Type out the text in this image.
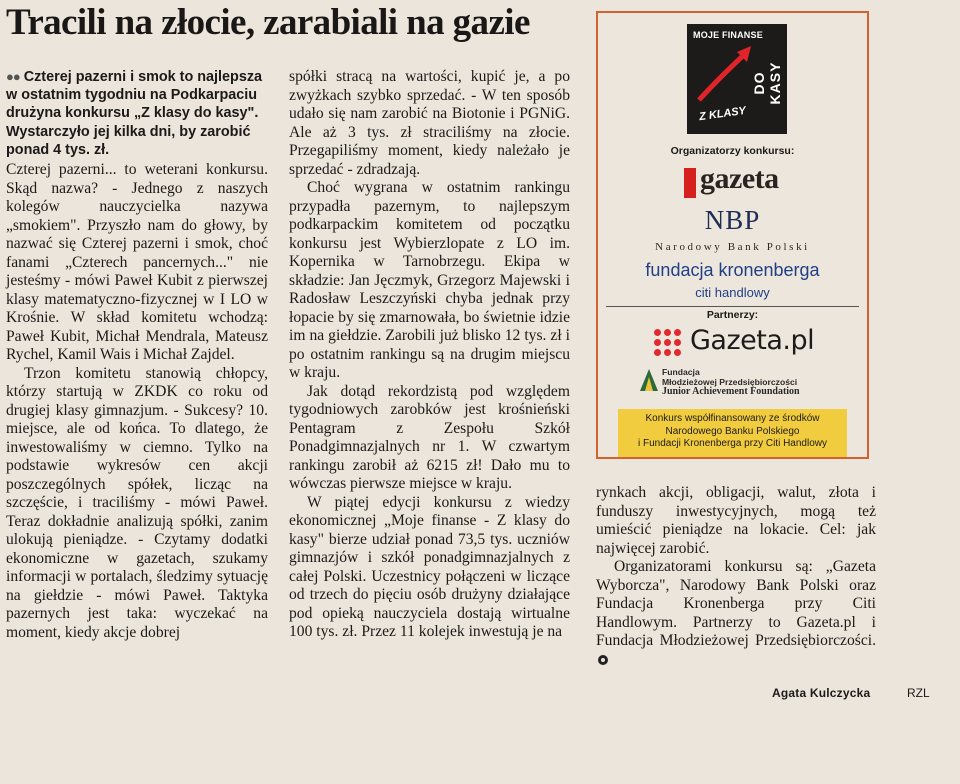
Tracili na złocie, zarabiali na gazie

●● Czterej pazerni i smok to najlepsza w ostatnim tygodniu na Podkarpaciu drużyna konkursu „Z klasy do kasy". Wystarczyło jej kilka dni, by zarobić ponad 4 tys. zł.

Czterej pazerni... to weterani konkursu. Skąd nazwa? - Jednego z naszych kolegów nauczycielka nazywa „smokiem". Przyszło nam do głowy, by nazwać się Czterej pazerni i smok, choć fanami „Czterech pancernych..." nie jesteśmy - mówi Paweł Kubit z pierwszej klasy matematyczno-fizycznej w I LO w Krośnie. W skład komitetu wchodzą: Paweł Kubit, Michał Mendrala, Mateusz Rychel, Kamil Wais i Michał Zajdel.

Trzon komitetu stanowią chłopcy, którzy startują w ZKDK co roku od drugiej klasy gimnazjum. - Sukcesy? 10. miejsce, ale od końca. To dlatego, że inwestowaliśmy w ciemno. Tylko na podstawie wykresów cen akcji poszczególnych spółek, licząc na szczęście, i traciliśmy - mówi Paweł. Teraz dokładnie analizują spółki, zanim ulokują pieniądze. - Czytamy dodatki ekonomiczne w gazetach, szukamy informacji w portalach, śledzimy sytuację na giełdzie - mówi Paweł. Taktyka pazernych jest taka: wyczekać na moment, kiedy akcje dobrej

spółki stracą na wartości, kupić je, a po zwyżkach szybko sprzedać. - W ten sposób udało się nam zarobić na Biotonie i PGNiG. Ale aż 3 tys. zł straciliśmy na złocie. Przegapiliśmy moment, kiedy należało je sprzedać - zdradzają.

Choć wygrana w ostatnim rankingu przypadła pazernym, to najlepszym podkarpackim komitetem od początku konkursu jest Wybierzlopate z LO im. Kopernika w Tarnobrzegu. Ekipa w składzie: Jan Jęczmyk, Grzegorz Majewski i Radosław Leszczyński chyba jednak przy łopacie by się zmarnowała, bo świetnie idzie im na giełdzie. Zarobili już blisko 12 tys. zł i po ostatnim rankingu są na drugim miejscu w kraju.

Jak dotąd rekordzistą pod względem tygodniowych zarobków jest krośnieński Pentagram z Zespołu Szkół Ponadgimnazjalnych nr 1. W czwartym rankingu zarobił aż 6215 zł! Dało mu to wówczas pierwsze miejsce w kraju.

W piątej edycji konkursu z wiedzy ekonomicznej „Moje finanse - Z klasy do kasy" bierze udział ponad 73,5 tys. uczniów gimnazjów i szkół ponadgimnazjalnych z całej Polski. Uczestnicy połączeni w liczące od trzech do pięciu osób drużyny działające pod opieką nauczyciela dostają wirtualne 100 tys. zł. Przez 11 kolejek inwestują je na

rynkach akcji, obligacji, walut, złota i funduszy inwestycyjnych, mogą też umieścić pieniądze na lokacie. Cel: jak najwięcej zarobić.

Organizatorami konkursu są: „Gazeta Wyborcza", Narodowy Bank Polski oraz Fundacja Kronenberga przy Citi Handlowym. Partnerzy to Gazeta.pl i Fundacja Młodzieżowej Przedsiębiorczości.

Agata Kulczycka	RZL
MOJE FINANSE
DO KASY
Z KLASY
Organizatorzy konkursu:
gazeta
NBP
Narodowy Bank Polski
fundacja kronenberga
citi handlowy
Partnerzy:
Gazeta.pl
Fundacja
Młodzieżowej Przedsiębiorczości
Junior Achievement Foundation
Konkurs współfinansowany ze środków
Narodowego Banku Polskiego
i Fundacji Kronenberga przy Citi Handlowy
